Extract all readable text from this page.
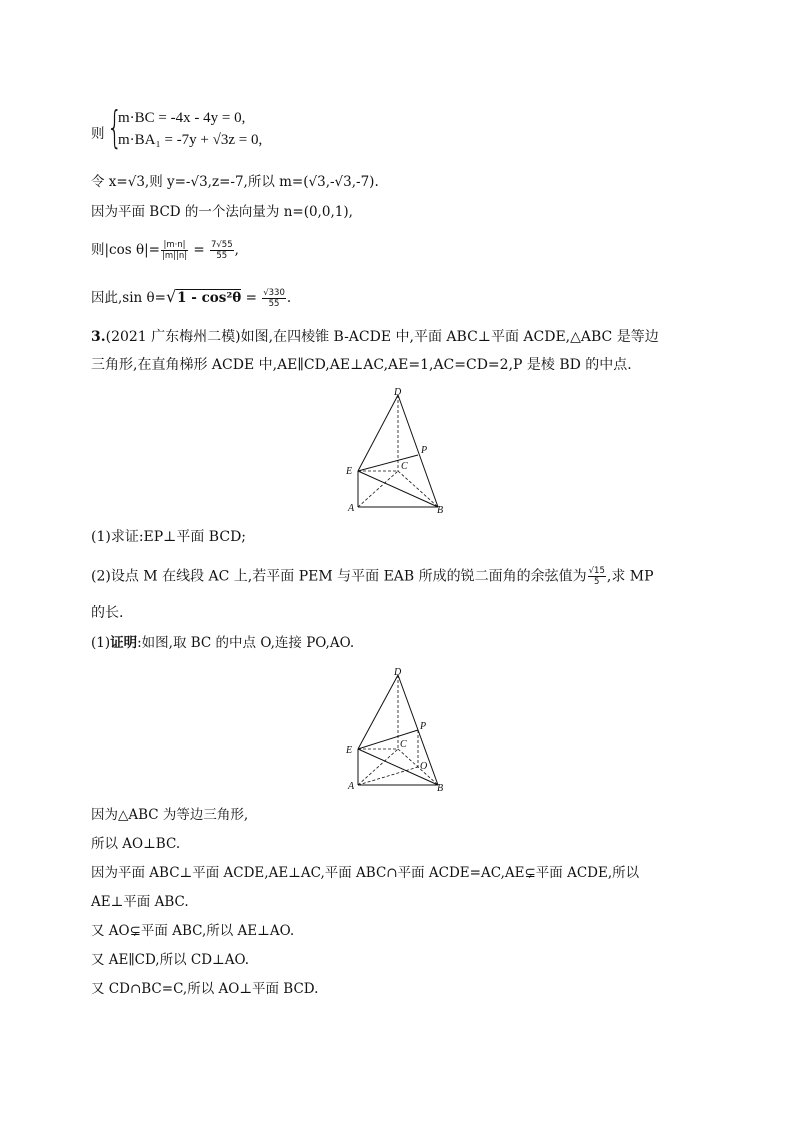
则 {
m·BC = -4x - 4y = 0,
m·BA₁ = -7y + √3z = 0,
令 x=√3,则 y=-√3,z=-7,所以 m=(√3,-√3,-7).
因为平面 BCD 的一个法向量为 n=(0,0,1),
则|cos $\theta|= \frac{|m\cdot n|}{|m||n|} = \frac{7√55}{55}$ ,
因此,sin $\theta=√1 - \cos^2\theta = \frac{√330}{55}$ .
3.(2021 广东梅州二模)如图,在四棱锥 B-ACDE 中,平面 ABC⊥平面 ACDE,△ABC 是等边
三角形,在直角梯形 ACDE 中,AE∥CD,AE⊥AC,AE=1,AC=CD=2,P 是棱 BD 的中点.
D
E
P
C
A	B
(1)求证:EP⊥平面 BCD;
(2)设点 M 在线段 AC 上,若平面 PEM 与平面 EAB 所成的锐二面角的余弦值为 $\frac{√15}{5}$ ,求 MP
的长.
(1)证明:如图,取 BC 的中点 O,连接 PO,AO.
D
E
P
C
O
A	B
因为△ABC 为等边三角形,
所以 AO⊥BC.
因为平面 ABC⊥平面 ACDE,AE⊥AC,平面 ABC∩平面 ACDE=AC,AE⊊平面 ACDE,所以
AE⊥平面 ABC.
又 AO⊊平面 ABC,所以 AE⊥AO.
又 AE∥CD,所以 CD⊥AO.
又 CD∩BC=C,所以 AO⊥平面 BCD.
